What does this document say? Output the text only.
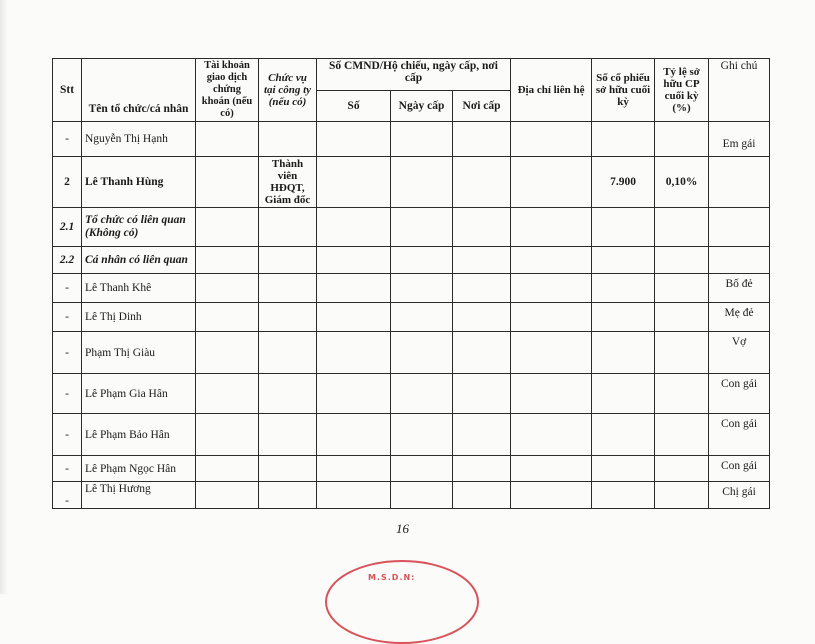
Stt	Tên tổ chức/cá nhân	Tài khoản giao dịch chứng khoán (nếu có)	Chức vụ tại công ty (nếu có)	Số CMND/Hộ chiếu, ngày cấp, nơi cấp			Địa chỉ liên hệ	Số cổ phiếu sở hữu cuối kỳ	Tỷ lệ sở hữu CP cuối kỳ (%)	Ghi chú
				Số	Ngày cấp	Nơi cấp				
-	Nguyễn Thị Hạnh									Em gái
2	Lê Thanh Hùng		Thành viên HĐQT, Giám đốc					7.900	0,10%	
2.1	Tổ chức có liên quan (Không có)									
2.2	Cá nhân có liên quan									
-	Lê Thanh Khê									Bố đẻ
-	Lê Thị Dinh									Mẹ đẻ
-	Phạm Thị Giàu									Vợ
-	Lê Phạm Gia Hân									Con gái
-	Lê Phạm Bảo Hân									Con gái
-	Lê Phạm Ngọc Hân									Con gái
-	Lê Thị Hương									Chị gái
16
M.S.D.N:
